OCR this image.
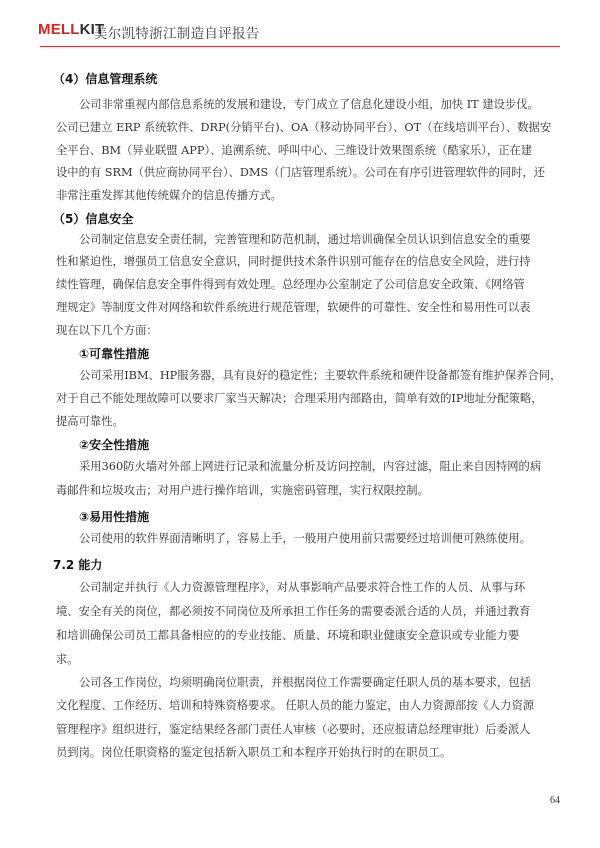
MELLKIT
美尔凯特浙江制造自评报告
（4）信息管理系统
公司非常重视内部信息系统的发展和建设，专门成立了信息化建设小组，加快 IT 建设步伐。
公司已建立 ERP 系统软件、DRP(分销平台)、OA（移动协同平台）、OT（在线培训平台）、数据安
全平台、BM（异业联盟 APP）、追溯系统、呼叫中心、三维设计效果图系统（酷家乐），正在建
设中的有 SRM（供应商协同平台）、DMS（门店管理系统）。公司在有序引进管理软件的同时，还
非常注重发挥其他传统媒介的信息传播方式。
（5）信息安全
公司制定信息安全责任制，完善管理和防范机制，通过培训确保全员认识到信息安全的重要
性和紧迫性，增强员工信息安全意识，同时提供技术条件识别可能存在的信息安全风险，进行持
续性管理，确保信息安全事件得到有效处理。总经理办公室制定了公司信息安全政策、《网络管
理规定》等制度文件对网络和软件系统进行规范管理，软硬件的可靠性、安全性和易用性可以表
现在以下几个方面：
①可靠性措施
公司采用IBM、HP服务器，具有良好的稳定性；主要软件系统和硬件设备都签有维护保养合同，
对于自己不能处理故障可以要求厂家当天解决；合理采用内部路由，简单有效的IP地址分配策略，
提高可靠性。
②安全性措施
采用360防火墙对外部上网进行记录和流量分析及访问控制，内容过滤，阻止来自因特网的病
毒邮件和垃圾攻击；对用户进行操作培训，实施密码管理，实行权限控制。
③易用性措施
公司使用的软件界面清晰明了，容易上手，一般用户使用前只需要经过培训便可熟练使用。
7.2 能力
公司制定并执行《人力资源管理程序》，对从事影响产品要求符合性工作的人员、从事与环
境、安全有关的岗位，都必须按不同岗位及所承担工作任务的需要委派合适的人员，并通过教育
和培训确保公司员工都具备相应的的专业技能、质量、环境和职业健康安全意识或专业能力要
求。
公司各工作岗位，均须明确岗位职责，并根据岗位工作需要确定任职人员的基本要求，包括
文化程度、工作经历、培训和特殊资格要求。 任职人员的能力鉴定，由人力资源部按《人力资源
管理程序》组织进行，鉴定结果经各部门责任人审核（必要时，还应报请总经理审批）后委派人
员到岗。岗位任职资格的鉴定包括新入职员工和本程序开始执行时的在职员工。
64
